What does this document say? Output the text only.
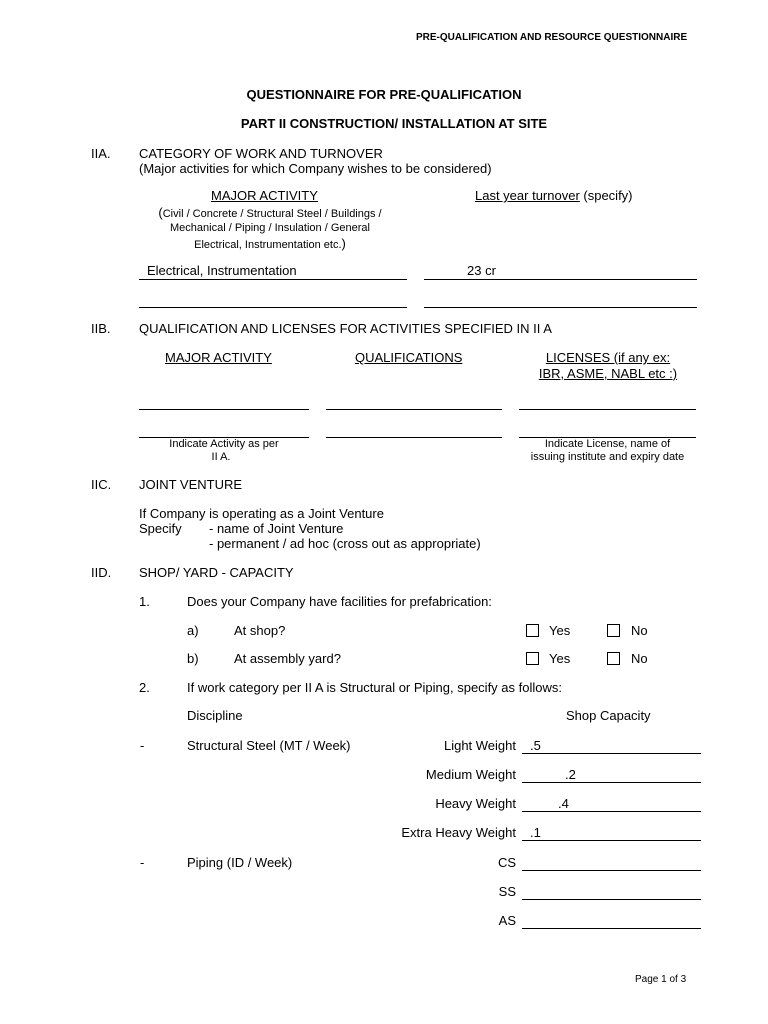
PRE-QUALIFICATION AND RESOURCE QUESTIONNAIRE
QUESTIONNAIRE FOR PRE-QUALIFICATION
PART II CONSTRUCTION/ INSTALLATION AT SITE
IIA. CATEGORY OF WORK AND TURNOVER
(Major activities for which Company wishes to be considered)
MAJOR ACTIVITY
(Civil / Concrete / Structural Steel / Buildings /
Mechanical / Piping / Insulation / General
Electrical, Instrumentation etc.)
Last year turnover (specify)
Electrical, Instrumentation	23 cr
IIB. QUALIFICATION AND LICENSES FOR ACTIVITIES SPECIFIED IN II A
MAJOR ACTIVITY	QUALIFICATIONS	LICENSES (if any ex:
IBR, ASME, NABL etc :)
Indicate Activity as per
II A.
Indicate License, name of
issuing institute and expiry date
IIC. JOINT VENTURE
If Company is operating as a Joint Venture
Specify - name of Joint Venture
- permanent / ad hoc (cross out as appropriate)
IID. SHOP/ YARD - CAPACITY
1.	Does your Company have facilities for prefabrication:
a)	At shop?	Yes	No
b)	At assembly yard?	Yes	No
2.	If work category per II A is Structural or Piping, specify as follows:
Discipline	Shop Capacity
-	Structural Steel (MT / Week)	Light Weight .5
Medium Weight	.2
Heavy Weight	.4
Extra Heavy Weight .1
-	Piping (ID / Week)	CS
SS
AS
Page 1 of 3
